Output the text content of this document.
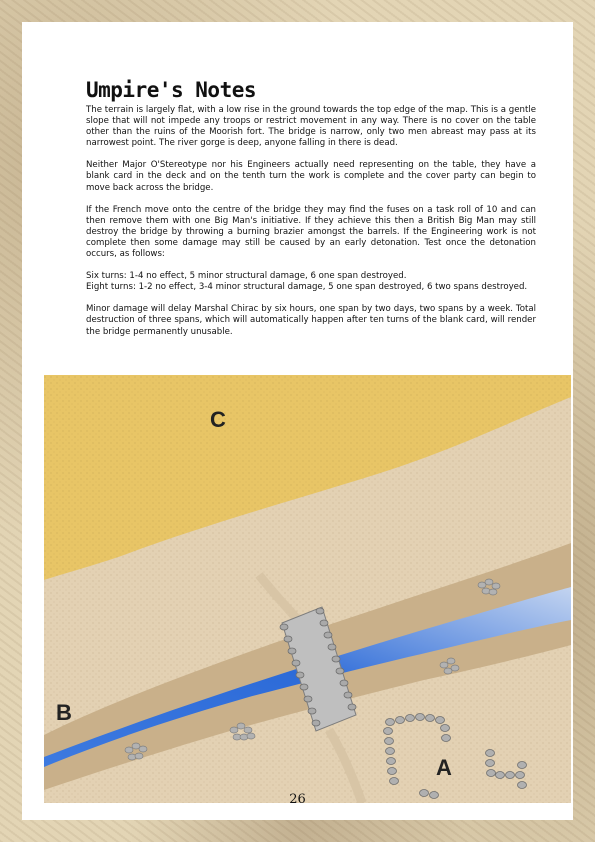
Umpire's Notes

The terrain is largely flat, with a low rise in the ground towards the top edge of the map. This is a gentle slope that will not impede any troops or restrict movement in any way. There is no cover on the table other than the ruins of the Moorish fort. The bridge is narrow, only two men abreast may pass at its narrowest point. The river gorge is deep, anyone falling in there is dead.

Neither Major O'Stereotype nor his Engineers actually need representing on the table, they have a blank card in the deck and on the tenth turn the work is complete and the cover party can begin to move back across the bridge.

If the French move onto the centre of the bridge they may find the fuses on a task roll of 10 and can then remove them with one Big Man's initiative. If they achieve this then a British Big Man may still destroy the bridge by throwing a burning brazier amongst the barrels. If the Engineering work is not complete then some damage may still be caused by an early detonation. Test once the detonation occurs, as follows:

Six turns: 1-4 no effect, 5 minor structural damage, 6 one span destroyed.

Eight turns: 1-2 no effect, 3-4 minor structural damage, 5 one span destroyed, 6 two spans destroyed.

Minor damage will delay Marshal Chirac by six hours, one span by two days, two spans by a week. Total destruction of three spans, which will automatically happen after ten turns of the blank card, will render the bridge permanently unusable.

C
B
A
26
